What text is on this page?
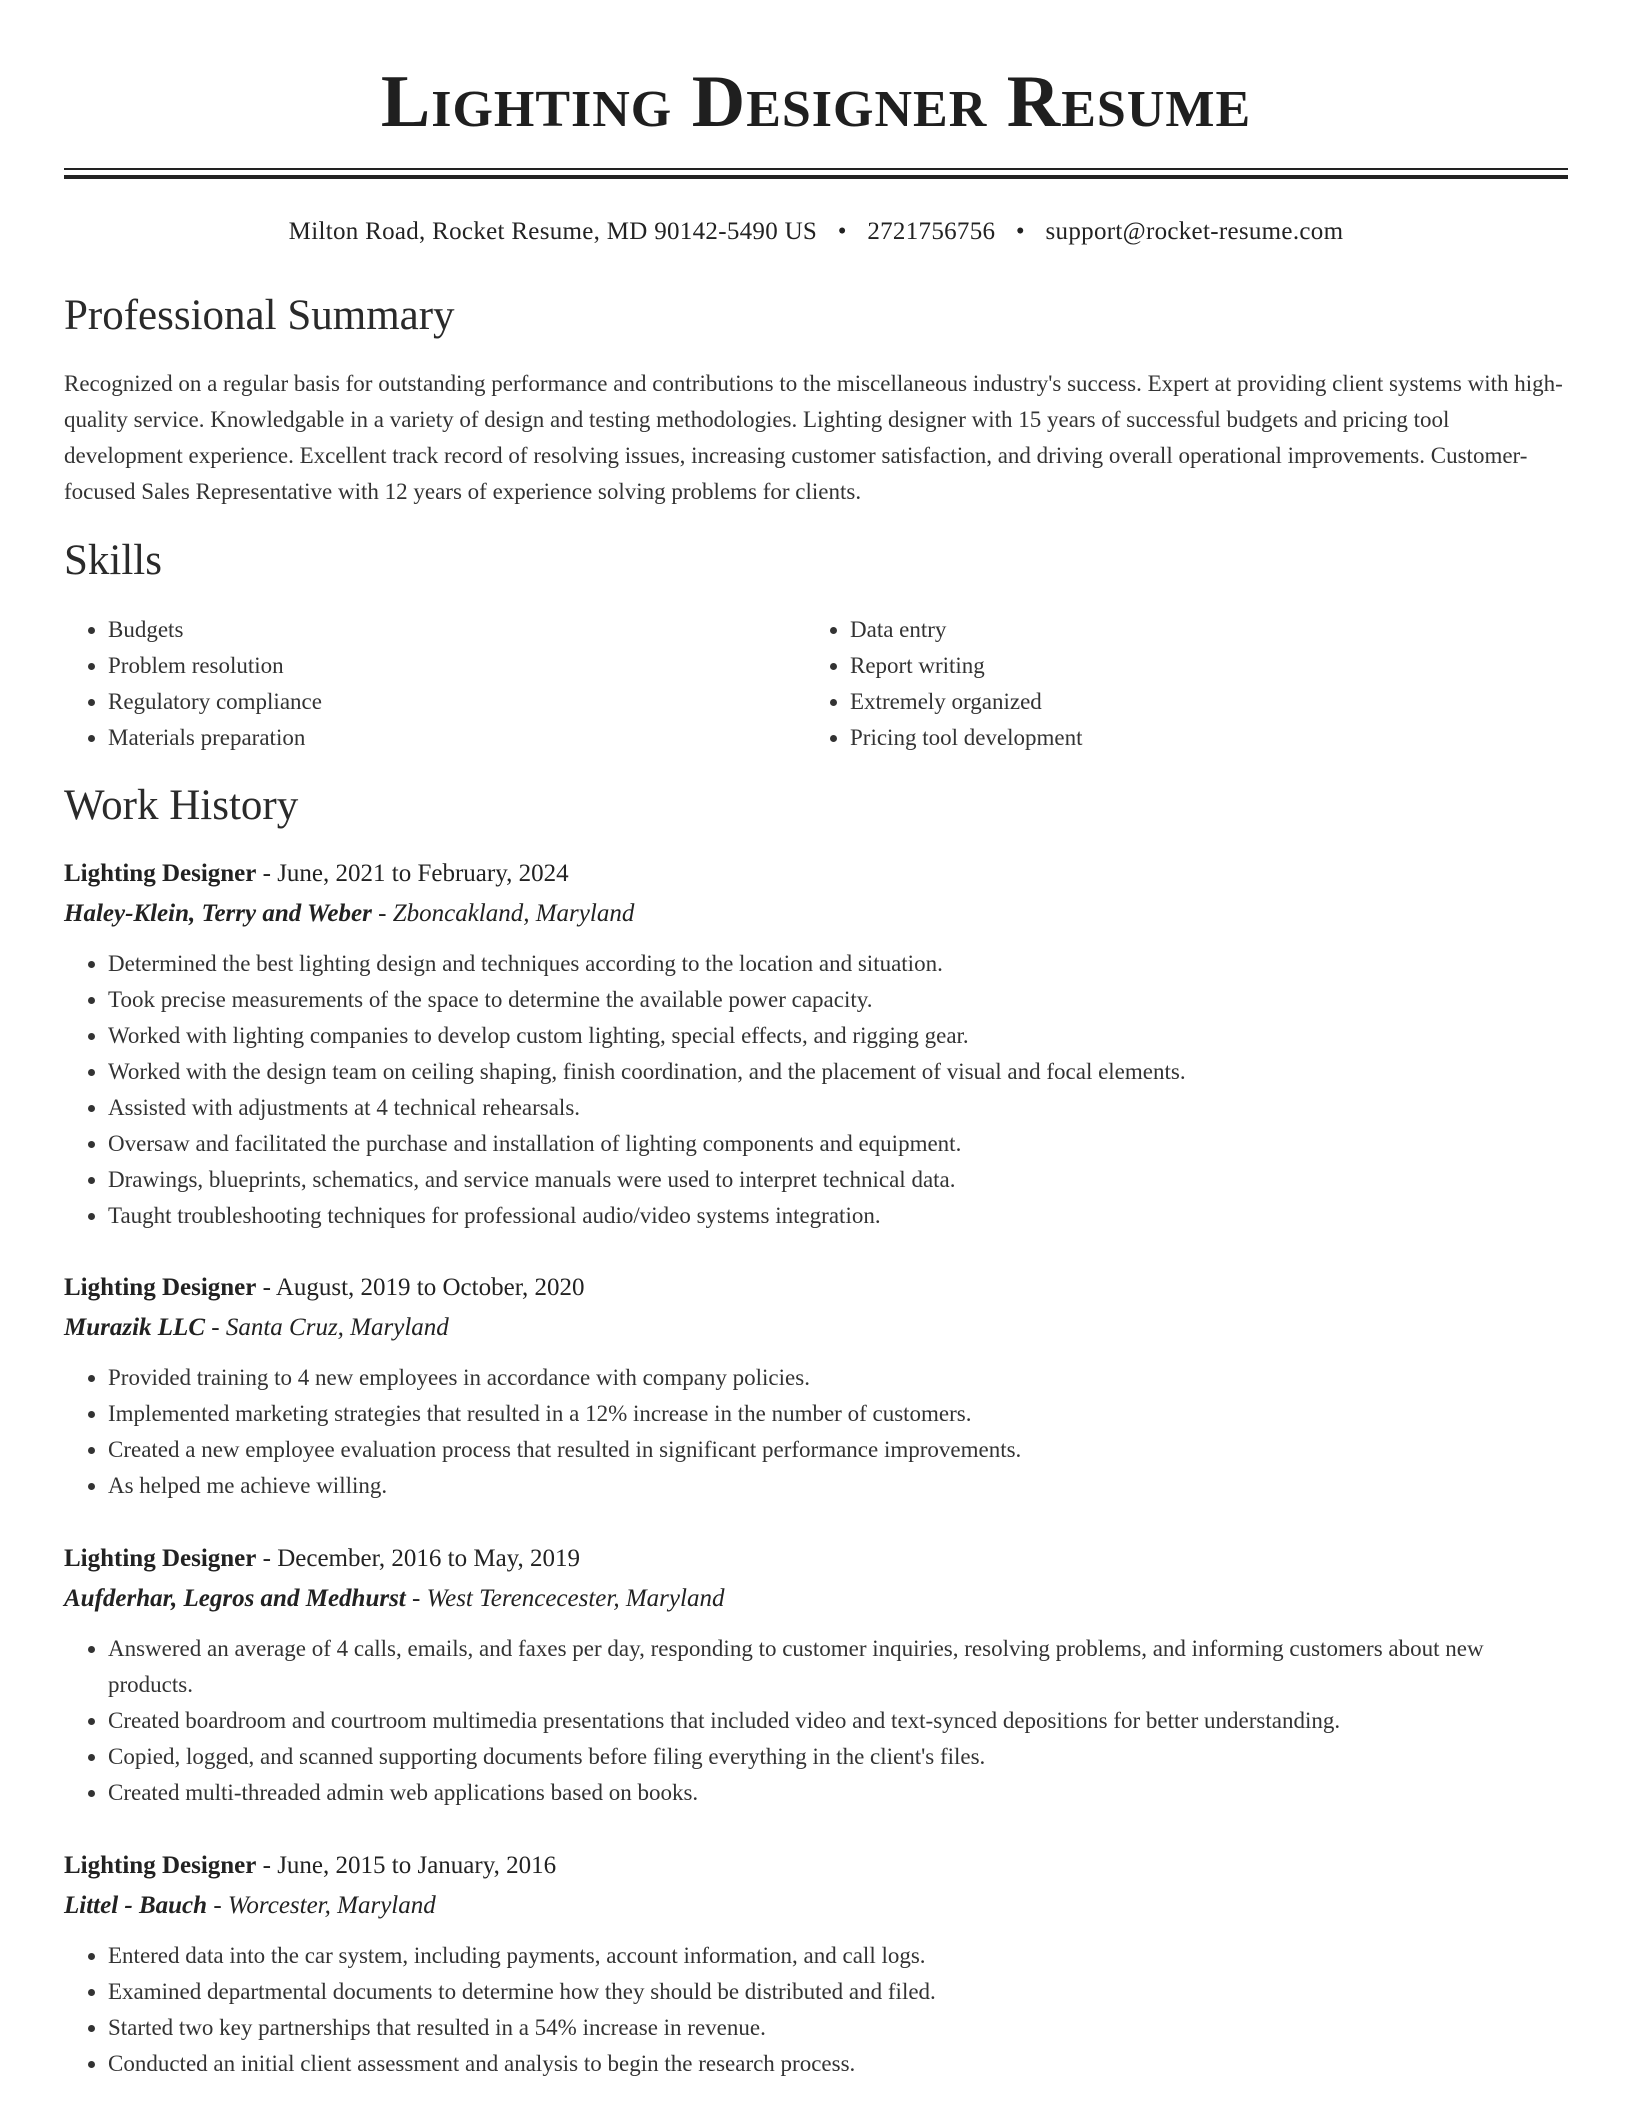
Lighting Designer Resume
Milton Road, Rocket Resume, MD 90142-5490 US • 2721756756 • support@rocket-resume.com
Professional Summary

Recognized on a regular basis for outstanding performance and contributions to the miscellaneous industry's success. Expert at providing client systems with high-quality service. Knowledgable in a variety of design and testing methodologies. Lighting designer with 15 years of successful budgets and pricing tool development experience. Excellent track record of resolving issues, increasing customer satisfaction, and driving overall operational improvements. Customer-focused Sales Representative with 12 years of experience solving problems for clients.

Skills
• Budgets
• Problem resolution
• Regulatory compliance
• Materials preparation
• Data entry
• Report writing
• Extremely organized
• Pricing tool development
Work History
Lighting Designer - June, 2021 to February, 2024
Haley-Klein, Terry and Weber - Zboncakland, Maryland
• Determined the best lighting design and techniques according to the location and situation.
• Took precise measurements of the space to determine the available power capacity.
• Worked with lighting companies to develop custom lighting, special effects, and rigging gear.
• Worked with the design team on ceiling shaping, finish coordination, and the placement of visual and focal elements.
• Assisted with adjustments at 4 technical rehearsals.
• Oversaw and facilitated the purchase and installation of lighting components and equipment.
• Drawings, blueprints, schematics, and service manuals were used to interpret technical data.
• Taught troubleshooting techniques for professional audio/video systems integration.
Lighting Designer - August, 2019 to October, 2020
Murazik LLC - Santa Cruz, Maryland
• Provided training to 4 new employees in accordance with company policies.
• Implemented marketing strategies that resulted in a 12% increase in the number of customers.
• Created a new employee evaluation process that resulted in significant performance improvements.
• As helped me achieve willing.
Lighting Designer - December, 2016 to May, 2019
Aufderhar, Legros and Medhurst - West Terencecester, Maryland
• Answered an average of 4 calls, emails, and faxes per day, responding to customer inquiries, resolving problems, and informing customers about new products.
• Created boardroom and courtroom multimedia presentations that included video and text-synced depositions for better understanding.
• Copied, logged, and scanned supporting documents before filing everything in the client's files.
• Created multi-threaded admin web applications based on books.
Lighting Designer - June, 2015 to January, 2016
Littel - Bauch - Worcester, Maryland
• Entered data into the car system, including payments, account information, and call logs.
• Examined departmental documents to determine how they should be distributed and filed.
• Started two key partnerships that resulted in a 54% increase in revenue.
• Conducted an initial client assessment and analysis to begin the research process.
